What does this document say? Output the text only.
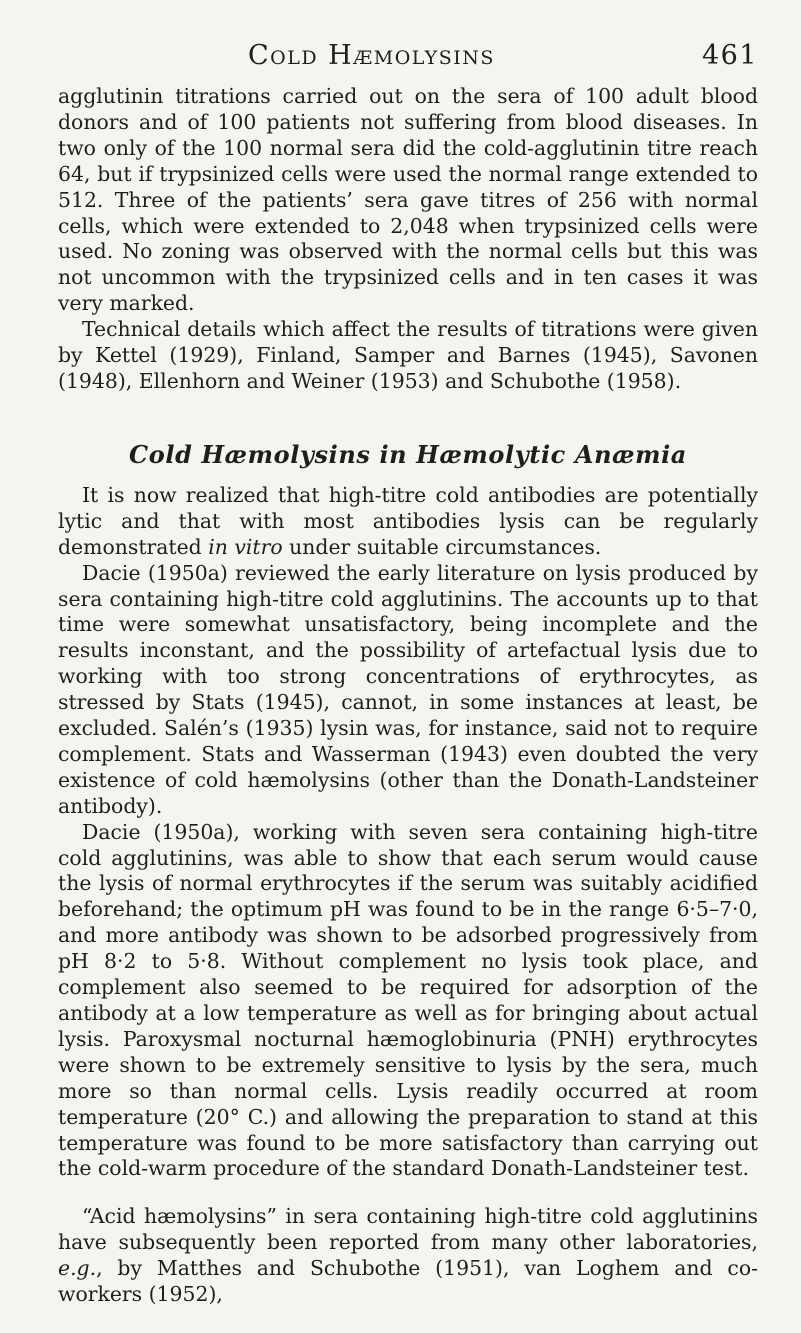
Cold Hæmolysins	461

agglutinin titrations carried out on the sera of 100 adult blood donors and of 100 patients not suffering from blood diseases. In two only of the 100 normal sera did the cold-agglutinin titre reach 64, but if trypsinized cells were used the normal range extended to 512. Three of the patients’ sera gave titres of 256 with normal cells, which were extended to 2,048 when trypsinized cells were used. No zoning was observed with the normal cells but this was not uncommon with the trypsinized cells and in ten cases it was very marked.

Technical details which affect the results of titrations were given by Kettel (1929), Finland, Samper and Barnes (1945), Savonen (1948), Ellenhorn and Weiner (1953) and Schubothe (1958).

Cold Hæmolysins in Hæmolytic Anæmia

It is now realized that high-titre cold antibodies are potentially lytic and that with most antibodies lysis can be regularly demonstrated in vitro under suitable circumstances.

Dacie (1950a) reviewed the early literature on lysis produced by sera containing high-titre cold agglutinins. The accounts up to that time were somewhat unsatisfactory, being incomplete and the results inconstant, and the possibility of artefactual lysis due to working with too strong concentrations of erythrocytes, as stressed by Stats (1945), cannot, in some instances at least, be excluded. Salén’s (1935) lysin was, for instance, said not to require complement. Stats and Wasserman (1943) even doubted the very existence of cold hæmolysins (other than the Donath-Landsteiner antibody).

Dacie (1950a), working with seven sera containing high-titre cold agglutinins, was able to show that each serum would cause the lysis of normal erythrocytes if the serum was suitably acidified beforehand; the optimum pH was found to be in the range 6·5–7·0, and more antibody was shown to be adsorbed progressively from pH 8·2 to 5·8. Without complement no lysis took place, and complement also seemed to be required for adsorption of the antibody at a low temperature as well as for bringing about actual lysis. Paroxysmal nocturnal hæmoglobinuria (PNH) erythrocytes were shown to be extremely sensitive to lysis by the sera, much more so than normal cells. Lysis readily occurred at room temperature (20° C.) and allowing the preparation to stand at this temperature was found to be more satisfactory than carrying out the cold-warm procedure of the standard Donath-Landsteiner test.

“Acid hæmolysins” in sera containing high-titre cold agglutinins have subsequently been reported from many other laboratories, e.g., by Matthes and Schubothe (1951), van Loghem and co-workers (1952),
